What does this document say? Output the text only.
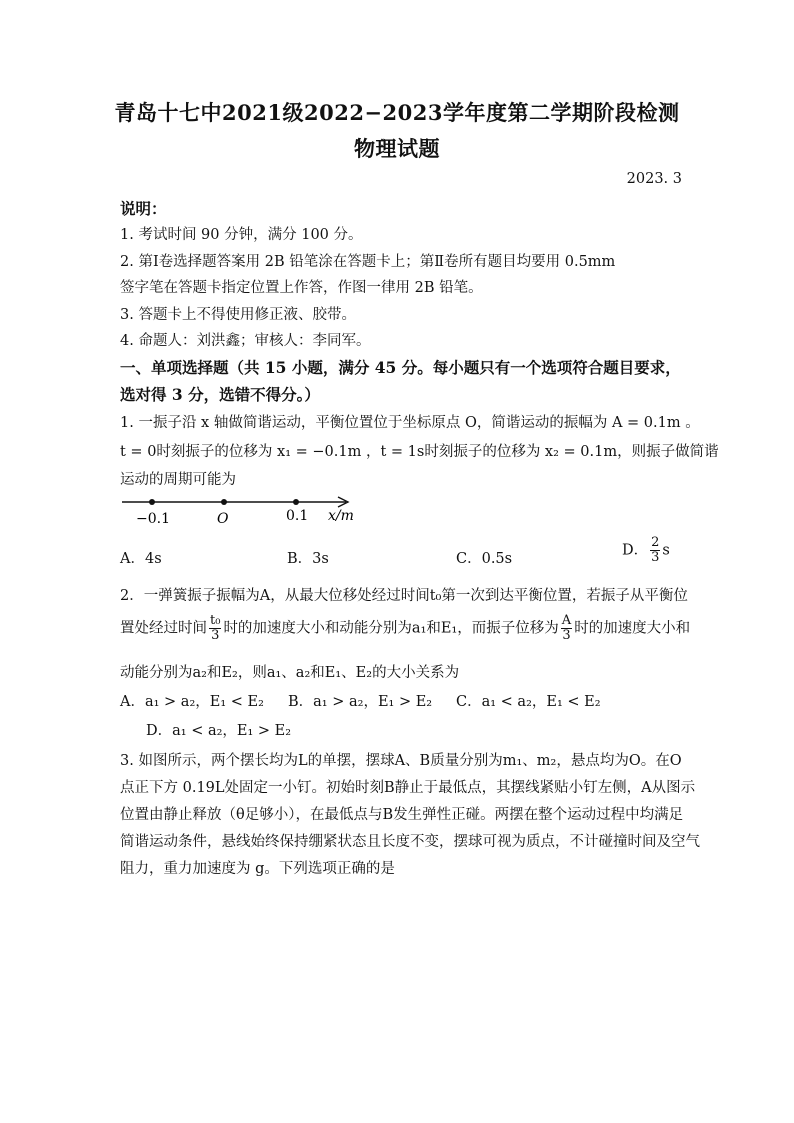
青岛十七中2021级2022−2023学年度第二学期阶段检测
物理试题
2023. 3
说明：
1. 考试时间 90 分钟，满分 100 分。
2. 第Ⅰ卷选择题答案用 2B 铅笔涂在答题卡上；第Ⅱ卷所有题目均要用 0.5mm
签字笔在答题卡指定位置上作答，作图一律用 2B 铅笔。
3. 答题卡上不得使用修正液、胶带。
4. 命题人：刘洪鑫；审核人：李同军。
一、单项选择题（共 15 小题，满分 45 分。每小题只有一个选项符合题目要求，
选对得 3 分，选错不得分。）
1. 一振子沿 x 轴做简谐运动，平衡位置位于坐标原点 O，简谐运动的振幅为 A = 0.1m 。
t = 0时刻振子的位移为 x₁ = −0.1m ，t = 1s时刻振子的位移为 x₂ = 0.1m，则振子做简谐
运动的周期可能为
−0.1	O	0.1 x/m
A．4s	B．3s	C．0.5s
D． $\frac{2}{3}$ s
2．一弹簧振子振幅为A，从最大位移处经过时间t₀第一次到达平衡位置，若振子从平衡位
置处经过时间 $\frac{\text{t₀}}{3}$ 时的加速度大小和动能分别为a₁和E₁，而振子位移为 $\frac{A}{3}$ 时的加速度大小和
动能分别为a₂和E₂，则a₁、a₂和E₁、E₂的大小关系为
A．a₁ > a₂，E₁ < E₂ B．a₁ > a₂，E₁ > E₂ C．a₁ < a₂，E₁ < E₂
D．a₁ < a₂，E₁ > E₂
3. 如图所示，两个摆长均为L的单摆，摆球A、B质量分别为m₁、m₂，悬点均为O。在O
点正下方 0.19L处固定一小钉。初始时刻B静止于最低点，其摆线紧贴小钉左侧，A从图示
位置由静止释放（θ足够小），在最低点与B发生弹性正碰。两摆在整个运动过程中均满足
简谐运动条件，悬线始终保持绷紧状态且长度不变，摆球可视为质点，不计碰撞时间及空气
阻力，重力加速度为 g。下列选项正确的是
